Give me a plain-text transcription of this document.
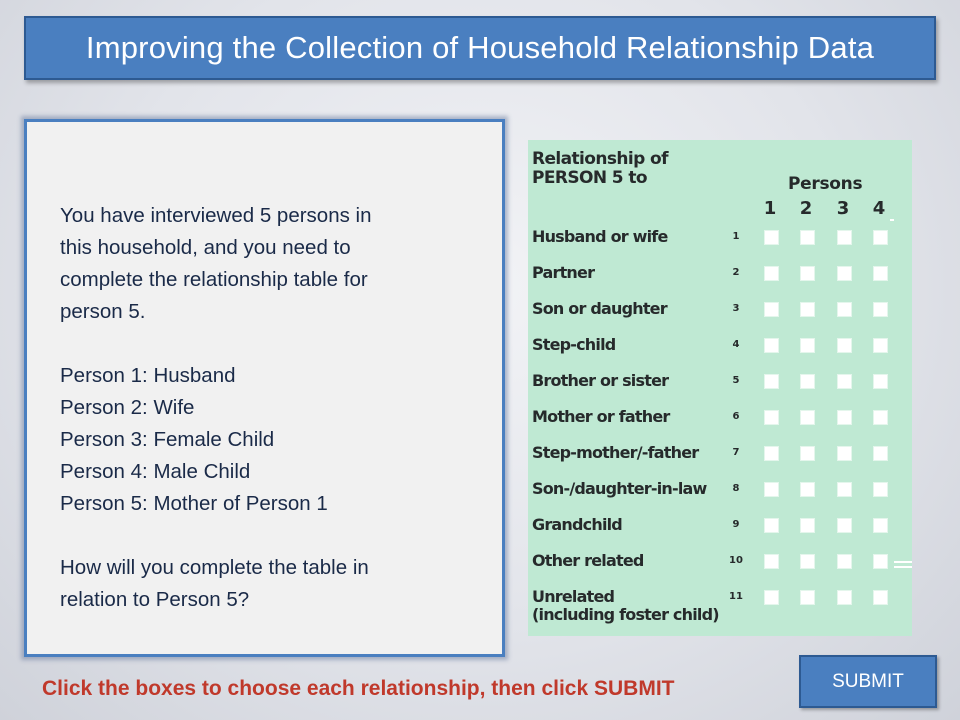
Improving the Collection of Household Relationship Data

You have interviewed 5 persons in

this household, and you need to

complete the relationship table for

person 5.

Person 1: Husband

Person 2: Wife

Person 3: Female Child

Person 4: Male Child

Person 5: Mother of Person 1

How will you complete the table in

relation to Person 5?

Relationship of
PERSON 5 to	Persons
1 2 3 4
Husband or wife	1
Partner	2
Son or daughter	3
Step-child	4
Brother or sister	5
Mother or father	6
Step-mother/-father	7
Son-/daughter-in-law	8
Grandchild	9
Other related	10
Unrelated
(including foster child)
11
SUBMIT
Click the boxes to choose each relationship, then click SUBMIT
